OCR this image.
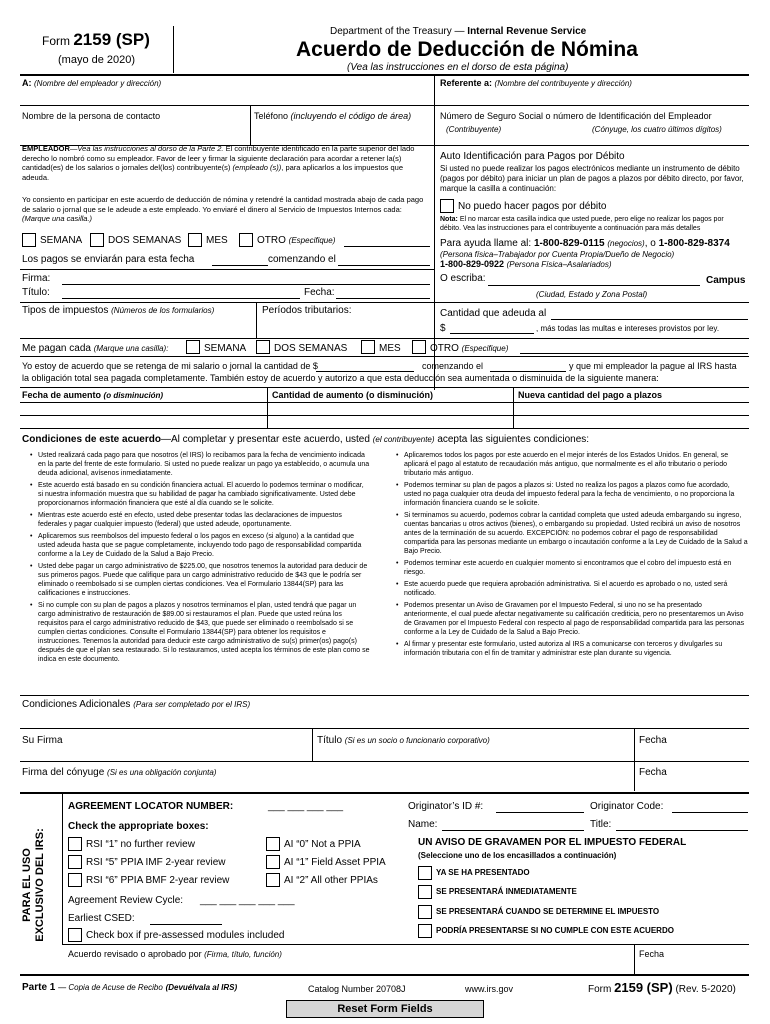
Form 2159 (SP)
(mayo de 2020)
Department of the Treasury — Internal Revenue Service
Acuerdo de Deducción de Nómina
(Vea las instrucciones en el dorso de esta página)
A: (Nombre del empleador y dirección)	Referente a: (Nombre del contribuyente y dirección)
Nombre de la persona de contacto	Teléfono (incluyendo el código de área)	Número de Seguro Social o número de Identificación del Empleador
(Contribuyente)	(Cónyuge, los cuatro últimos dígitos)
EMPLEADOR—Vea las instrucciones al dorso de la Parte 2. El contribuyente identificado en la parte superior del lado derecho lo nombró como su empleador. Favor de leer y firmar la siguiente declaración para acordar a retener la(s) cantidad(es) de los salarios o jornales del(los) contribuyente(s) (empleado (s)), para aplicarlos a los impuestos que adeuda.
Yo consiento en participar en este acuerdo de deducción de nómina y retendré la cantidad mostrada abajo de cada pago de salario o jornal que se le adeude a este empleado. Yo enviaré el dinero al Servicio de Impuestos Internos cada: (Marque una casilla.)
SEMANA	DOS SEMANAS MES	OTRO (Especifique)
Los pagos se enviarán para esta fecha	comenzando el
Firma:
Título:	Fecha:
Auto Identificación para Pagos por Débito
Si usted no puede realizar los pagos electrónicos mediante un instrumento de débito (pagos por débito) para iniciar un plan de pagos a plazos por débito directo, por favor, marque la casilla a continuación:
No puedo hacer pagos por débito
Nota: El no marcar esta casilla indica que usted puede, pero elige no realizar los pagos por débito. Vea las instrucciones para el contribuyente a continuación para más detalles
Para ayuda llame al: 1-800-829-0115 (negocios), o 1-800-829-8374
(Persona física–Trabajador por Cuenta Propia/Dueño de Negocio)
1-800-829-0922 (Persona Física–Asalariados)
O escriba:	Campus
(Ciudad, Estado y Zona Postal)
Tipos de impuestos (Números de los formularios)	Períodos tributarios:	Cantidad que adeuda al
$	, más todas las multas e intereses provistos por ley.
Me pagan cada (Marque una casilla):	SEMANA	DOS SEMANAS	MES	OTRO (Especifique)
Yo estoy de acuerdo que se retenga de mi salario o jornal la cantidad de $	comenzando el	y que mi empleador la pague al IRS hasta
la obligación total sea pagada completamente. También estoy de acuerdo y autorizo a que esta deducción sea aumentada o disminuida de la siguiente manera:
Fecha de aumento (o disminución)	Cantidad de aumento (o disminución)	Nueva cantidad del pago a plazos
Condiciones de este acuerdo—Al completar y presentar este acuerdo, usted (el contribuyente) acepta las siguientes condiciones:
• Usted realizará cada pago para que nosotros (el IRS) lo recibamos para la fecha de vencimiento indicada en la parte del frente de este formulario. Si usted no puede realizar un pago ya establecido, o acumula una deuda adicional, avísenos inmediatamente.
• Este acuerdo está basado en su condición financiera actual. El acuerdo lo podemos terminar o modificar, si nuestra información muestra que su habilidad de pagar ha cambiado significativamente. Usted debe proporcionarnos información financiera que esté al día cuando se le solicite.
• Mientras este acuerdo esté en efecto, usted debe presentar todas las declaraciones de impuestos federales y pagar cualquier impuesto (federal) que usted adeude, oportunamente.
• Aplicaremos sus reembolsos del impuesto federal o los pagos en exceso (si alguno) a la cantidad que usted adeuda hasta que se pague completamente, incluyendo todo pago de responsabilidad compartida conforme a la Ley de Cuidado de la Salud a Bajo Precio.
• Usted debe pagar un cargo administrativo de $225.00, que nosotros tenemos la autoridad para deducir de sus primeros pagos. Puede que califique para un cargo administrativo reducido de $43 que le podría ser eliminado o reembolsado si se cumplen ciertas condiciones. Vea el Formulario 13844(SP) para las calificaciones e instrucciones.
• Si no cumple con su plan de pagos a plazos y nosotros terminamos el plan, usted tendrá que pagar un cargo administrativo de restauración de $89.00 si restauramos el plan. Puede que usted reúna los requisitos para el cargo administrativo reducido de $43, que puede ser eliminado o reembolsado si se cumplen ciertas condiciones. Consulte el Formulario 13844(SP) para obtener los requisitos e instrucciones. Tenemos la autoridad para deducir este cargo administrativo de su(s) primer(os) pago(s) después de que el plan sea restaurado. Si lo restauramos, usted acepta los términos de este plan como se indica en este documento.
• Aplicaremos todos los pagos por este acuerdo en el mejor interés de los Estados Unidos. En general, se aplicará el pago al estatuto de recaudación más antiguo, que normalmente es el año tributario o período tributario más antiguo.
• Podemos terminar su plan de pagos a plazos si: Usted no realiza los pagos a plazos como fue acordado, usted no paga cualquier otra deuda del impuesto federal para la fecha de vencimiento, o no proporciona la información financiera cuando se le solicite.
• Si terminamos su acuerdo, podemos cobrar la cantidad completa que usted adeuda embargando su ingreso, cuentas bancarias u otros activos (bienes), o embargando su propiedad. Usted recibirá un aviso de nosotros antes de la terminación de su acuerdo. EXCEPCIÓN: no podemos cobrar el pago de responsabilidad compartida para las personas mediante un embargo o incautación conforme a la Ley de Cuidado de la Salud a Bajo Precio.
• Podemos terminar este acuerdo en cualquier momento si encontramos que el cobro del impuesto está en riesgo.
• Este acuerdo puede que requiera aprobación administrativa. Si el acuerdo es aprobado o no, usted será notificado.
• Podemos presentar un Aviso de Gravamen por el Impuesto Federal, si uno no se ha presentado anteriormente, el cual puede afectar negativamente su calificación crediticia, pero no presentaremos un Aviso de Gravamen por el Impuesto Federal con respecto al pago de responsabilidad compartida para las personas conforme a la Ley de Cuidado de la Salud a Bajo Precio.
• Al firmar y presentar este formulario, usted autoriza al IRS a comunicarse con terceros y divulgarles su información tributaria con el fin de tramitar y administrar este plan durante su vigencia.
Condiciones Adicionales (Para ser completado por el IRS)
Su Firma	Título (Si es un socio o funcionario corporativo)	Fecha
Firma del cónyuge (Si es una obligación conjunta)	Fecha
PARA EL USO EXCLUSIVO DEL IRS:
AGREEMENT LOCATOR NUMBER:	___ ___ ___ ___
Check the appropriate boxes:
RSI “1” no further review
RSI “5” PPIA IMF 2-year review
RSI “6” PPIA BMF 2-year review
AI “0” Not a PPIA
AI “1” Field Asset PPIA
AI “2” All other PPIAs
Agreement Review Cycle: ___ ___ ___ ___ ___
Earliest CSED:
Check box if pre-assessed modules included
Originator’s ID #:	Originator Code:
Name:	Title:
UN AVISO DE GRAVAMEN POR EL IMPUESTO FEDERAL
(Seleccione uno de los encasillados a continuación)
YA SE HA PRESENTADO
SE PRESENTARÁ INMEDIATAMENTE
SE PRESENTARÁ CUANDO SE DETERMINE EL IMPUESTO
PODRÍA PRESENTARSE SI NO CUMPLE CON ESTE ACUERDO
Acuerdo revisado o aprobado por (Firma, título, función)	Fecha
Parte 1 — Copia de Acuse de Recibo (Devuélvala al IRS)	Catalog Number 20708J	www.irs.gov	Form 2159 (SP) (Rev. 5-2020)
Reset Form Fields
